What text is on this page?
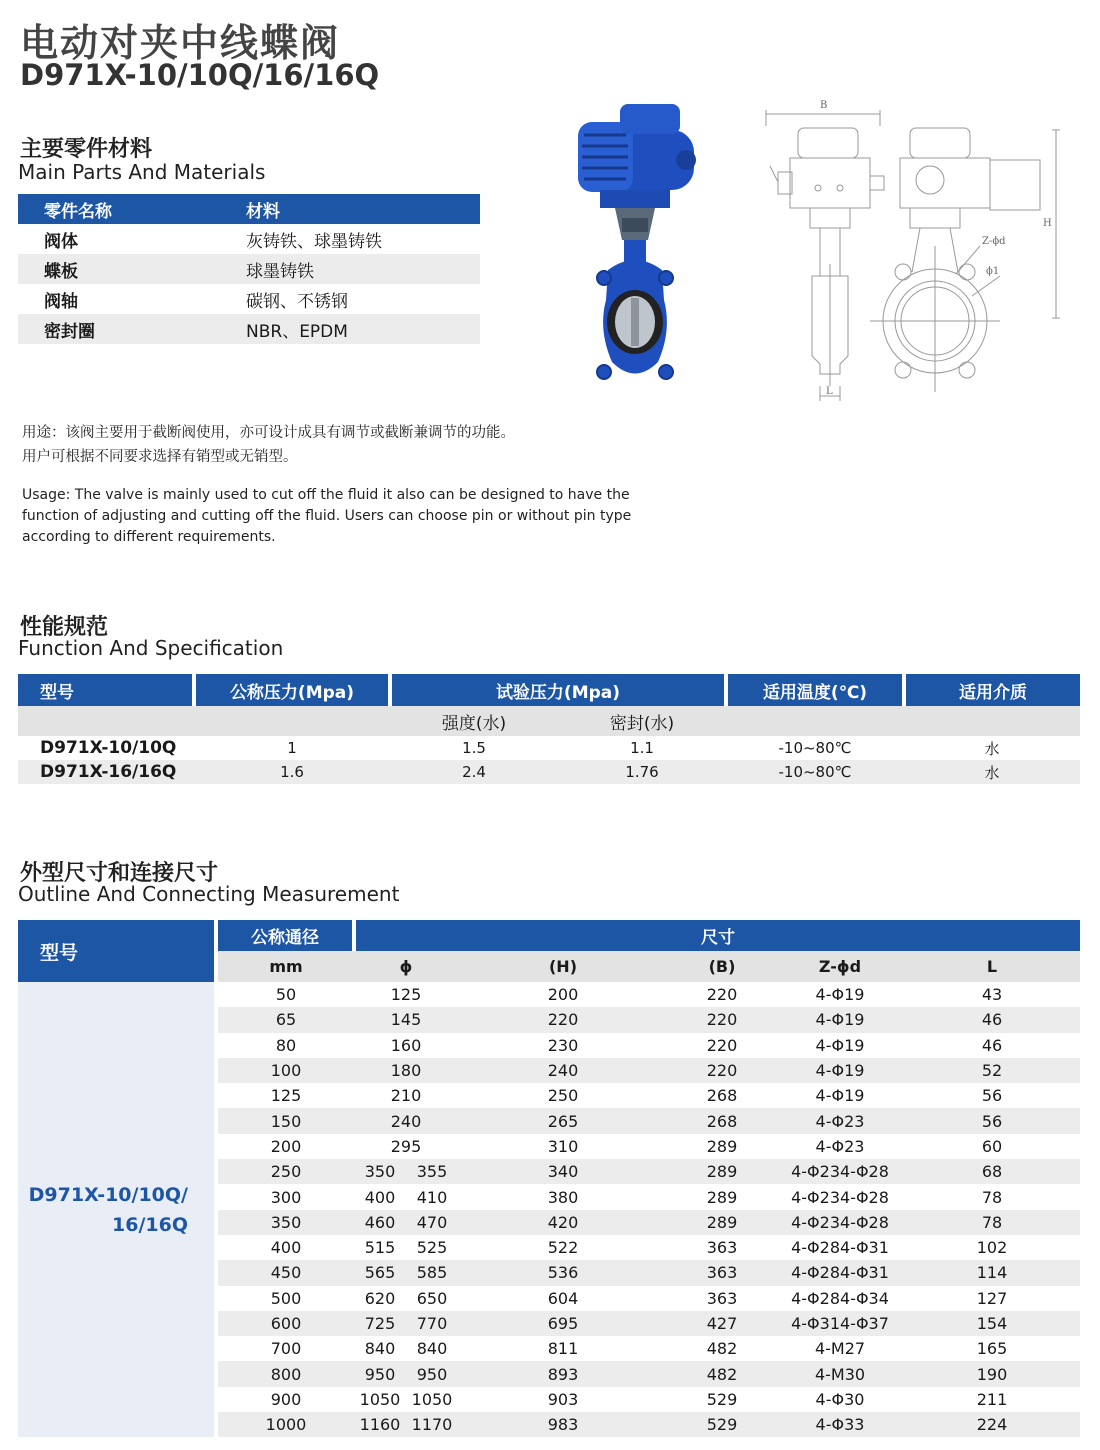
电动对夹中线蝶阀
D971X-10/10Q/16/16Q
主要零件材料
Main Parts And Materials
零件名称	材料
阀体	灰铸铁、球墨铸铁
蝶板	球墨铸铁
阀轴	碳钢、不锈钢
密封圈	NBR、EPDM
用途：该阀主要用于截断阀使用，亦可设计成具有调节或截断兼调节的功能。
用户可根据不同要求选择有销型或无销型。
Usage: The valve is mainly used to cut off the fluid it also can be designed to have the
function of adjusting and cutting off the fluid. Users can choose pin or without pin type
according to different requirements.
B
H
Z-ϕd
ϕ1
L
性能规范
Function And Specification
型号	公称压力(Mpa)	试验压力(Mpa)		适用温度(℃)	适用介质
		强度(水)	密封(水)		
D971X-10/10Q	1	1.5	1.1	-10~80℃	水
D971X-16/16Q	1.6	2.4	1.76	-10~80℃	水
外型尺寸和连接尺寸
Outline And Connecting Measurement
型号	公称通径	尺寸						
	mm	ϕ		(H)	(B)	Z-ϕd		L

D971X-10/10Q/
16/16Q	50	125		200	220	4-Φ19		43
	65	145		220	220	4-Φ19		46
	80	160		230	220	4-Φ19		46
	100	180		240	220	4-Φ19		52
	125	210		250	268	4-Φ19		56
	150	240		265	268	4-Φ23		56
	200	295		310	289	4-Φ23		60
	250	350	355	340	289	4-Φ23	4-Φ28	68
	300	400	410	380	289	4-Φ23	4-Φ28	78
	350	460	470	420	289	4-Φ23	4-Φ28	78
	400	515	525	522	363	4-Φ28	4-Φ31	102
	450	565	585	536	363	4-Φ28	4-Φ31	114
	500	620	650	604	363	4-Φ28	4-Φ34	127
	600	725	770	695	427	4-Φ31	4-Φ37	154
	700	840	840	811	482	4-M27		165
	800	950	950	893	482	4-M30		190
	900	1050	1050	903	529	4-Φ30		211
	1000	1160	1170	983	529	4-Φ33		224
